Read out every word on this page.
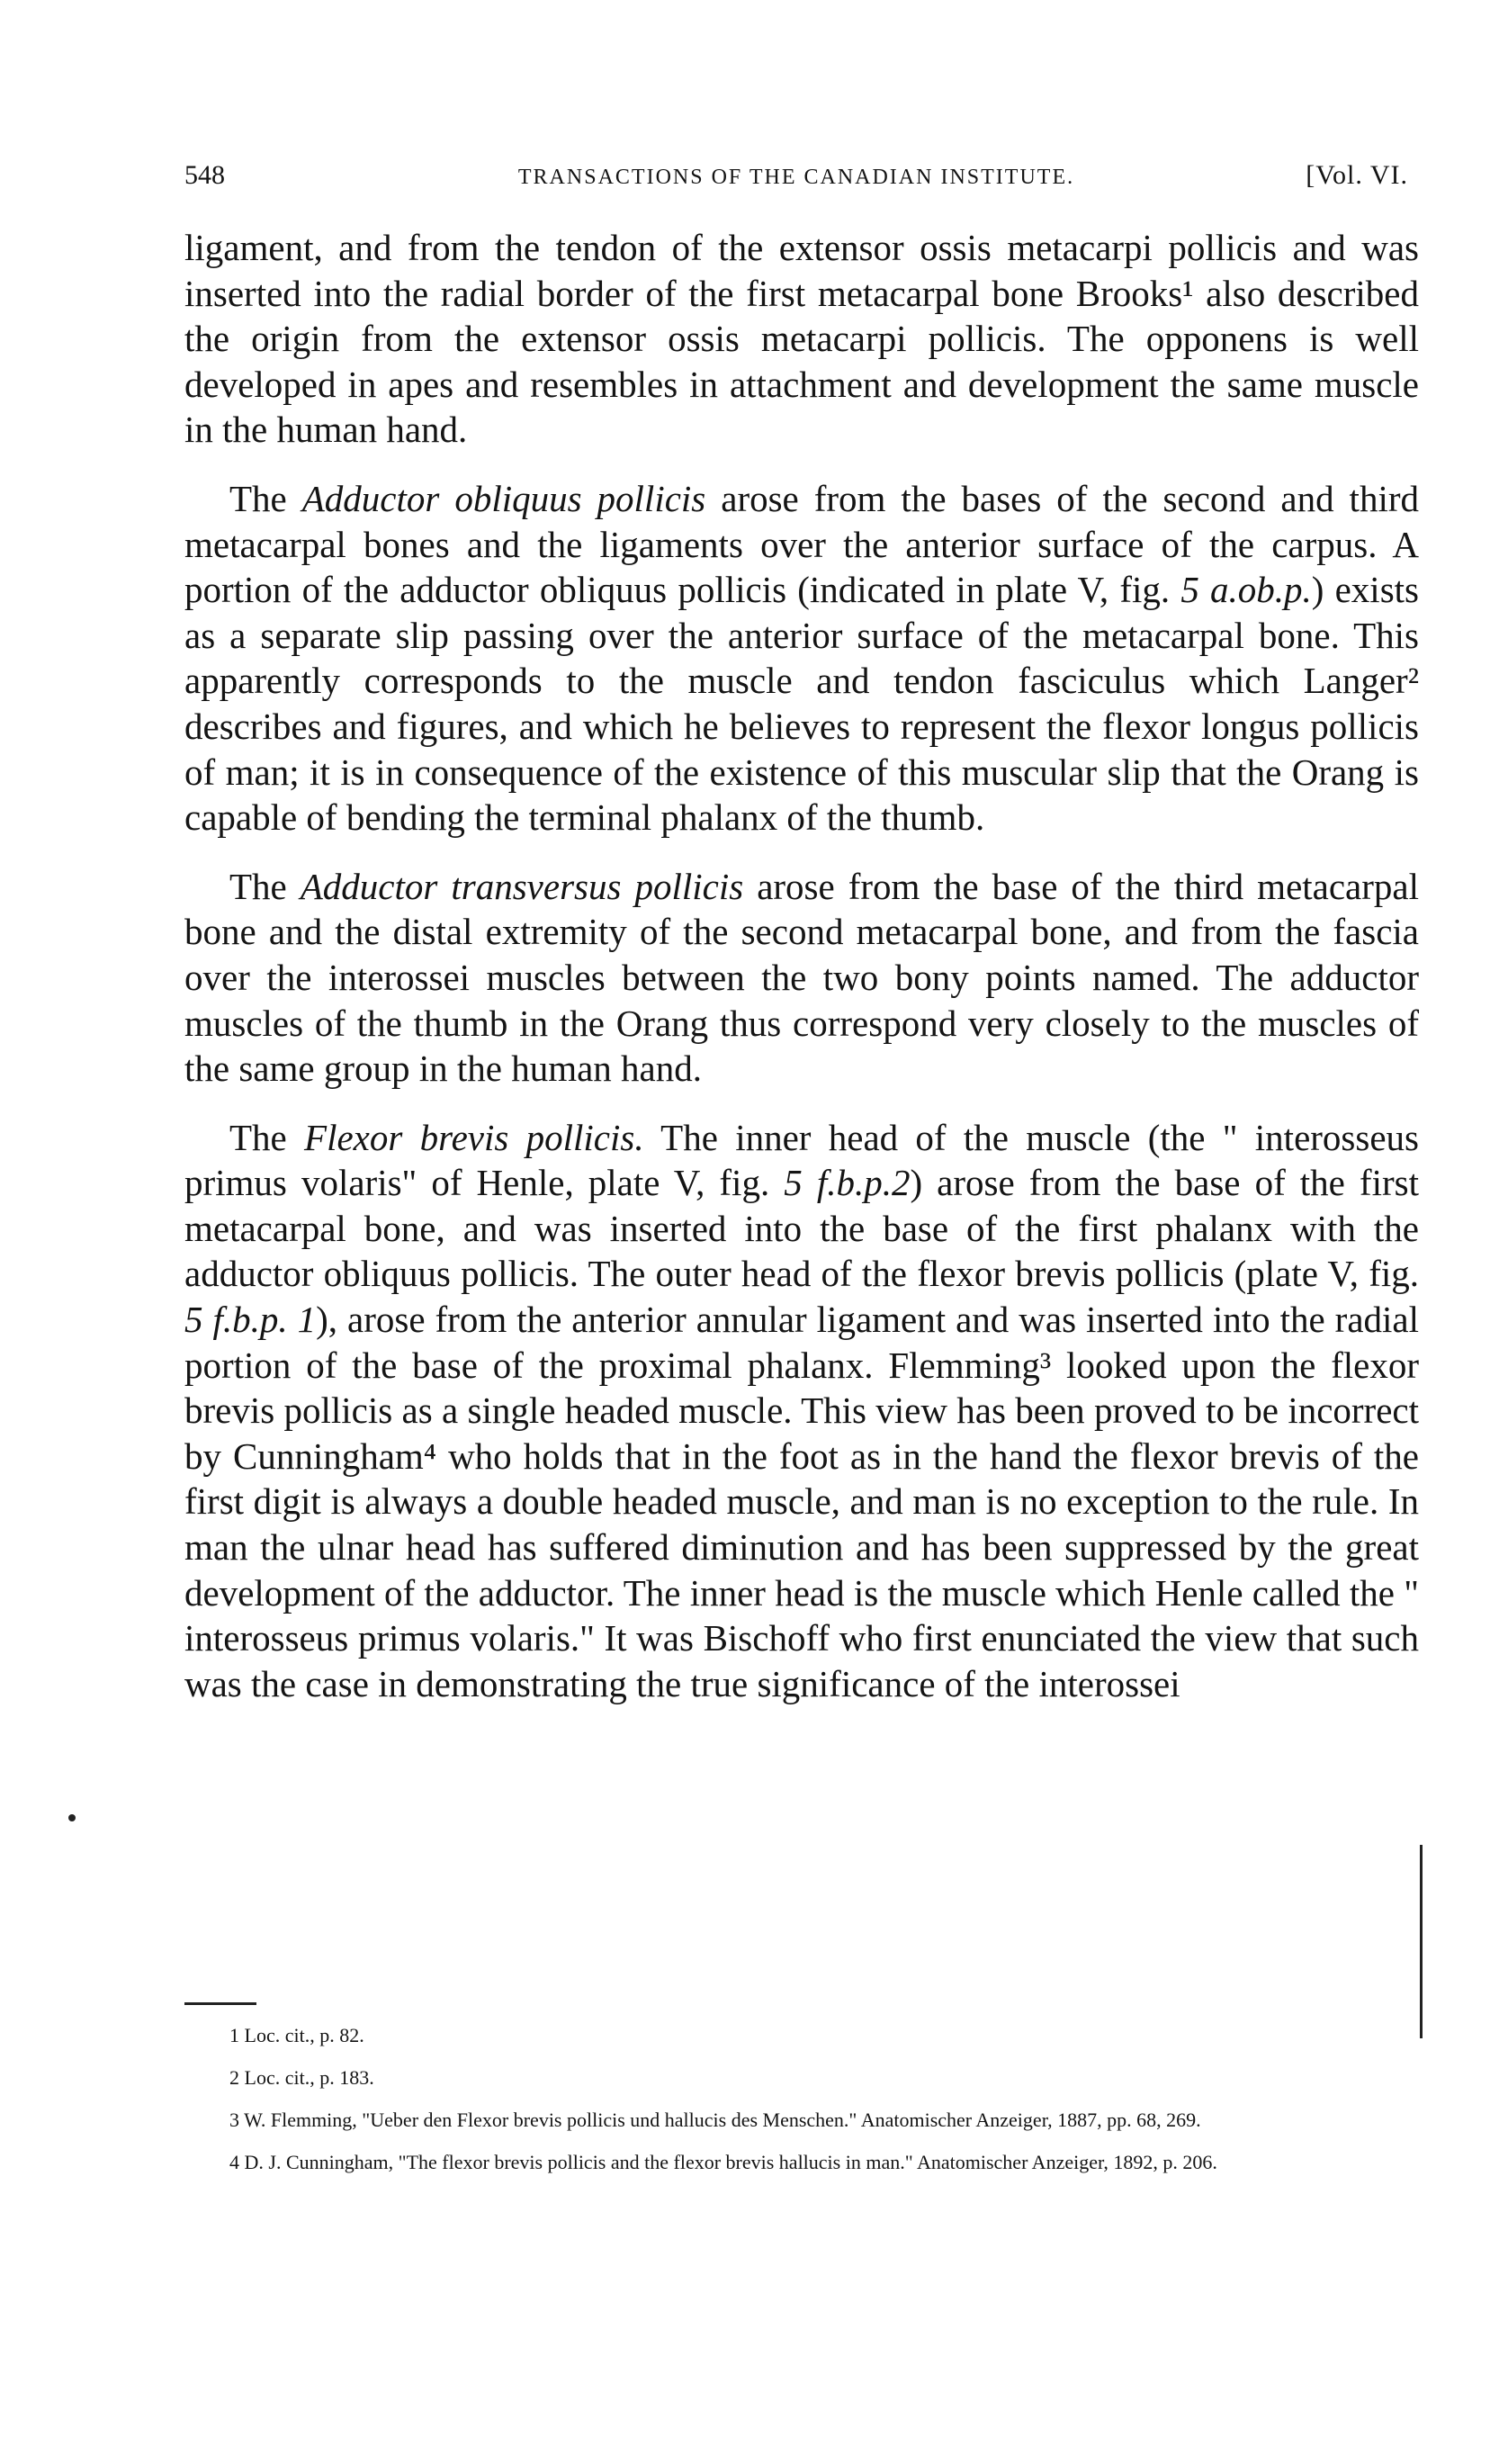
548	TRANSACTIONS OF THE CANADIAN INSTITUTE.	[Vol. VI.

ligament, and from the tendon of the extensor ossis metacarpi pollicis and was inserted into the radial border of the first metacarpal bone Brooks¹ also described the origin from the extensor ossis metacarpi pollicis. The opponens is well developed in apes and resembles in attachment and development the same muscle in the human hand.

The Adductor obliquus pollicis arose from the bases of the second and third metacarpal bones and the ligaments over the anterior surface of the carpus. A portion of the adductor obliquus pollicis (indicated in plate V, fig. 5 a.ob.p.) exists as a separate slip passing over the anterior surface of the metacarpal bone. This apparently corresponds to the muscle and tendon fasciculus which Langer² describes and figures, and which he believes to represent the flexor longus pollicis of man; it is in consequence of the existence of this muscular slip that the Orang is capable of bending the terminal phalanx of the thumb.

The Adductor transversus pollicis arose from the base of the third metacarpal bone and the distal extremity of the second metacarpal bone, and from the fascia over the interossei muscles between the two bony points named. The adductor muscles of the thumb in the Orang thus correspond very closely to the muscles of the same group in the human hand.

The Flexor brevis pollicis. The inner head of the muscle (the " interosseus primus volaris" of Henle, plate V, fig. 5 f.b.p.2) arose from the base of the first metacarpal bone, and was inserted into the base of the first phalanx with the adductor obliquus pollicis. The outer head of the flexor brevis pollicis (plate V, fig. 5 f.b.p. 1), arose from the anterior annular ligament and was inserted into the radial portion of the base of the proximal phalanx. Flemming³ looked upon the flexor brevis pollicis as a single headed muscle. This view has been proved to be incorrect by Cunningham⁴ who holds that in the foot as in the hand the flexor brevis of the first digit is always a double headed muscle, and man is no exception to the rule. In man the ulnar head has suffered diminution and has been suppressed by the great development of the adductor. The inner head is the muscle which Henle called the " interosseus primus volaris." It was Bischoff who first enunciated the view that such was the case in demonstrating the true significance of the interossei

1 Loc. cit., p. 82.

2 Loc. cit., p. 183.

3 W. Flemming, "Ueber den Flexor brevis pollicis und hallucis des Menschen." Anatomischer Anzeiger, 1887, pp. 68, 269.

4 D. J. Cunningham, "The flexor brevis pollicis and the flexor brevis hallucis in man." Anatomischer Anzeiger, 1892, p. 206.
